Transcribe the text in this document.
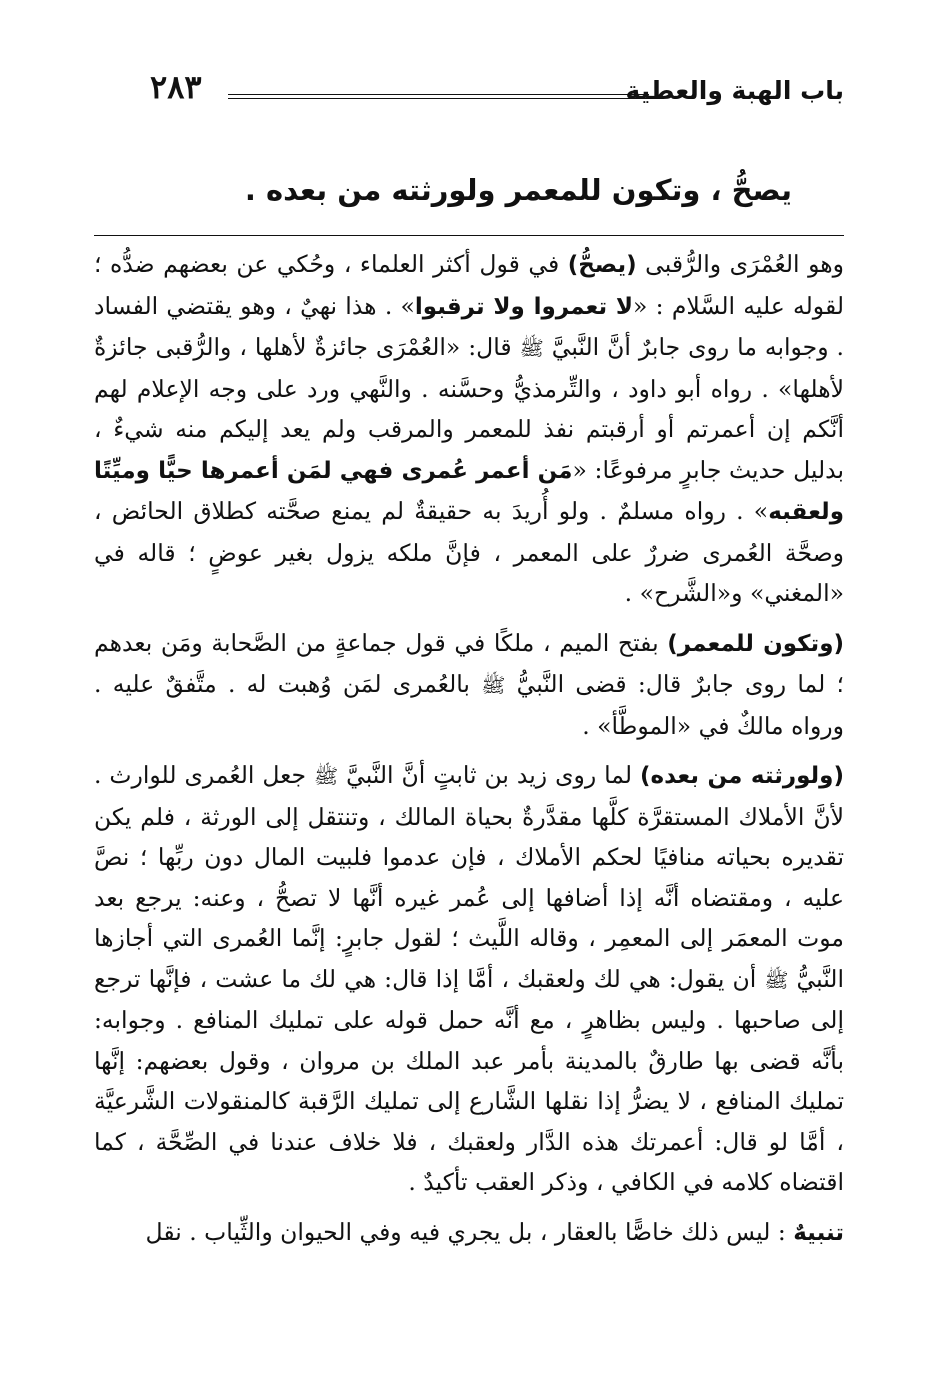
باب الهبة والعطية
٢٨٣
يصحُّ ، وتكون للمعمر ولورثته من بعده .

وهو العُمْرَى والرُّقبى (يصحُّ) في قول أكثر العلماء ، وحُكي عن بعضهم ضدُّه ؛ لقوله عليه السَّلام : «لا تعمروا ولا ترقبوا» . هذا نهيٌ ، وهو يقتضي الفساد . وجوابه ما روى جابرٌ أنَّ النَّبيَّ ﷺ قال: «العُمْرَى جائزةٌ لأهلها ، والرُّقبى جائزةٌ لأهلها» . رواه أبو داود ، والتِّرمذيُّ وحسَّنه . والنَّهي ورد على وجه الإعلام لهم أنَّكم إن أعمرتم أو أرقبتم نفذ للمعمر والمرقب ولم يعد إليكم منه شيءٌ ، بدليل حديث جابرٍ مرفوعًا: «مَن أعمر عُمرى فهي لمَن أعمرها حيًّا وميِّتًا ولعقبه» . رواه مسلمٌ . ولو أُريدَ به حقيقةٌ لم يمنع صحَّته كطلاق الحائض ، وصحَّة العُمرى ضررٌ على المعمر ، فإنَّ ملكه يزول بغير عوضٍ ؛ قاله في «المغني» و«الشَّرح» .

(وتكون للمعمر) بفتح الميم ، ملكًا في قول جماعةٍ من الصَّحابة ومَن بعدهم ؛ لما روى جابرٌ قال: قضى النَّبيُّ ﷺ بالعُمرى لمَن وُهبت له . متَّفقٌ عليه . ورواه مالكٌ في «الموطَّأ» .

(ولورثته من بعده) لما روى زيد بن ثابتٍ أنَّ النَّبيَّ ﷺ جعل العُمرى للوارث . لأنَّ الأملاك المستقرَّة كلَّها مقدَّرةٌ بحياة المالك ، وتنتقل إلى الورثة ، فلم يكن تقديره بحياته منافيًا لحكم الأملاك ، فإن عدموا فلبيت المال دون ربِّها ؛ نصَّ عليه ، ومقتضاه أنَّه إذا أضافها إلى عُمر غيره أنَّها لا تصحُّ ، وعنه: يرجع بعد موت المعمَر إلى المعمِر ، وقاله اللَّيث ؛ لقول جابرٍ: إنَّما العُمرى التي أجازها النَّبيُّ ﷺ أن يقول: هي لك ولعقبك ، أمَّا إذا قال: هي لك ما عشت ، فإنَّها ترجع إلى صاحبها . وليس بظاهرٍ ، مع أنَّه حمل قوله على تمليك المنافع . وجوابه: بأنَّه قضى بها طارقٌ بالمدينة بأمر عبد الملك بن مروان ، وقول بعضهم: إنَّها تمليك المنافع ، لا يضرُّ إذا نقلها الشَّارع إلى تمليك الرَّقبة كالمنقولات الشَّرعيَّة ، أمَّا لو قال: أعمرتك هذه الدَّار ولعقبك ، فلا خلاف عندنا في الصِّحَّة ، كما اقتضاه كلامه في الكافي ، وذكر العقب تأكيدٌ .

تنبيهٌ : ليس ذلك خاصًّا بالعقار ، بل يجري فيه وفي الحيوان والثِّياب . نقل
